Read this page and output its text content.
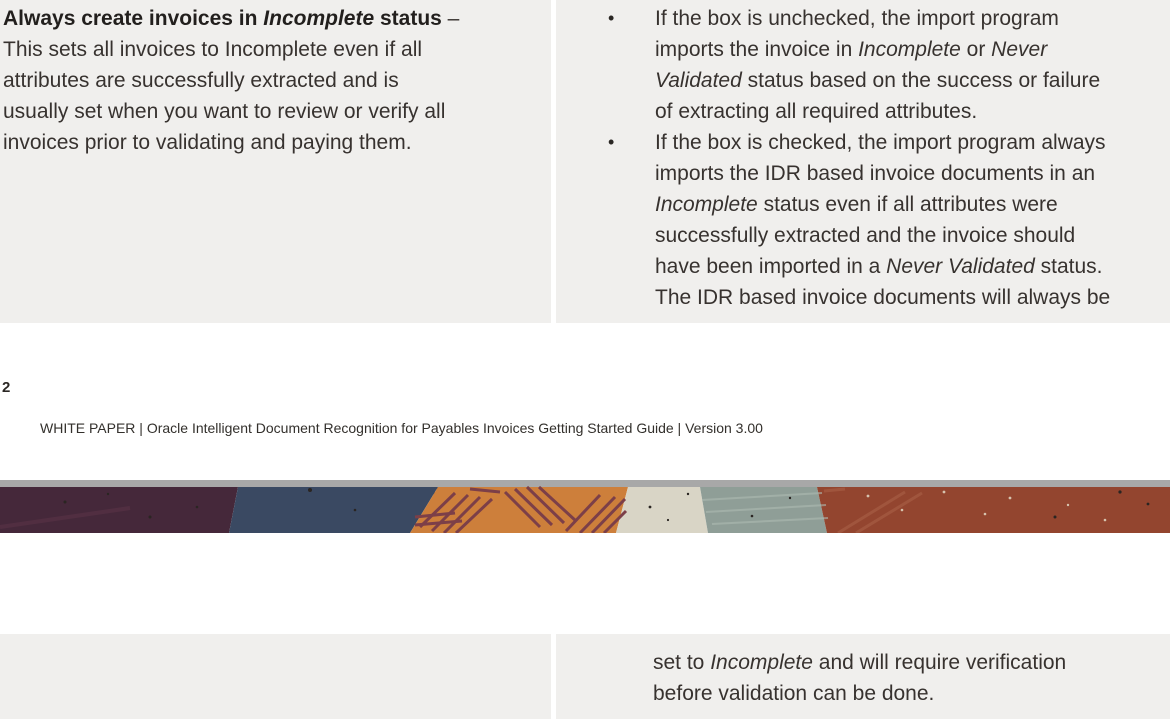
Always create invoices in Incomplete status –
This sets all invoices to Incomplete even if all
attributes are successfully extracted and is
usually set when you want to review or verify all
invoices prior to validating and paying them.
•	If the box is unchecked, the import program
imports the invoice in Incomplete or Never
Validated status based on the success or failure
of extracting all required attributes.
•	If the box is checked, the import program always
imports the IDR based invoice documents in an
Incomplete status even if all attributes were
successfully extracted and the invoice should
have been imported in a Never Validated status.
The IDR based invoice documents will always be
2

WHITE PAPER | Oracle Intelligent Document Recognition for Payables Invoices Getting Started Guide | Version 3.00

set to Incomplete and will require verification
before validation can be done.
